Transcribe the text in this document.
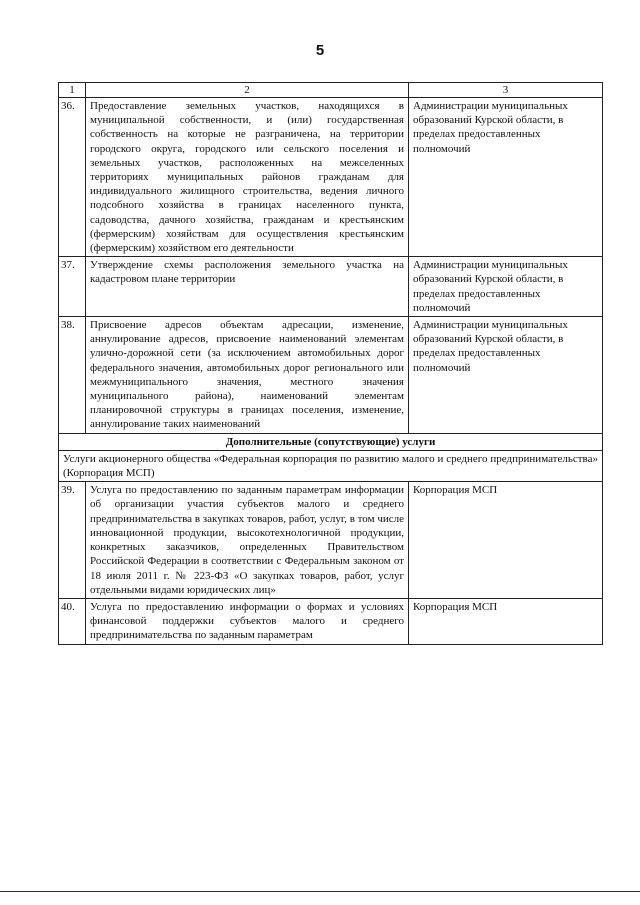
5
1	2	3
36.	Предоставление земельных участков, находящихся в муниципальной собственности, и (или) государственная собственность на которые не разграничена, на территории городского округа, городского или сельского поселения и земельных участков, расположенных на межселенных территориях муниципальных районов гражданам для индивидуального жилищного строительства, ведения личного подсобного хозяйства в границах населенного пункта, садоводства, дачного хозяйства, гражданам и крестьянским (фермерским) хозяйствам для осуществления крестьянским (фермерским) хозяйством его деятельности	Администрации муниципальных образований Курской области, в пределах предоставленных полномочий
37.	Утверждение схемы расположения земельного участка на кадастровом плане территории	Администрации муниципальных образований Курской области, в пределах предоставленных полномочий
38.	Присвоение адресов объектам адресации, изменение, аннулирование адресов, присвоение наименований элементам улично-дорожной сети (за исключением автомобильных дорог федерального значения, автомобильных дорог регионального или межмуниципального значения, местного значения муниципального района), наименований элементам планировочной структуры в границах поселения, изменение, аннулирование таких наименований	Администрации муниципальных образований Курской области, в пределах предоставленных полномочий
Дополнительные (сопутствующие) услуги		
Услуги акционерного общества «Федеральная корпорация по развитию малого и среднего предпринимательства» (Корпорация МСП)		
39.	Услуга по предоставлению по заданным параметрам информации об организации участия субъектов малого и среднего предпринимательства в закупках товаров, работ, услуг, в том числе инновационной продукции, высокотехнологичной продукции, конкретных заказчиков, определенных Правительством Российской Федерации в соответствии с Федеральным законом от 18 июля 2011 г. № 223-ФЗ «О закупках товаров, работ, услуг отдельными видами юридических лиц»	Корпорация МСП
40.	Услуга по предоставлению информации о формах и условиях финансовой поддержки субъектов малого и среднего предпринимательства по заданным параметрам	Корпорация МСП
